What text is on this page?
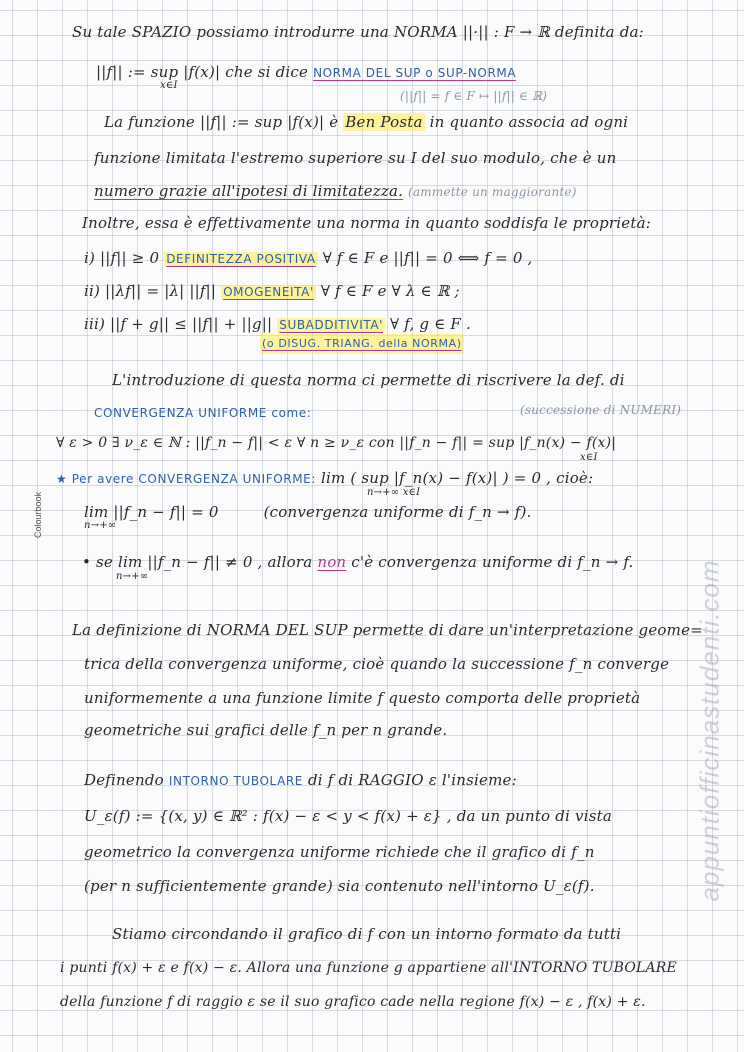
Su tale SPAZIO possiamo introdurre una NORMA ||·|| : F → ℝ definita da:
||f|| := sup |f(x)| che si dice NORMA DEL SUP o SUP-NORMA
x∈I
(||f|| = f ∈ F ↦ ||f|| ∈ ℝ)
La funzione ||f|| := sup |f(x)| è Ben Posta in quanto associa ad ogni
funzione limitata l'estremo superiore su I del suo modulo, che è un
numero grazie all'ipotesi di limitatezza. (ammette un maggiorante)
Inoltre, essa è effettivamente una norma in quanto soddisfa le proprietà:
i) ||f|| ≥ 0 DEFINITEZZA POSITIVA ∀ f ∈ F e ||f|| = 0 ⟺ f = 0 ,
ii) ||λf|| = |λ| ||f|| OMOGENEITA' ∀ f ∈ F e ∀ λ ∈ ℝ ;
iii) ||f + g|| ≤ ||f|| + ||g|| SUBADDITIVITA' ∀ f, g ∈ F .
(o DISUG. TRIANG. della NORMA)
L'introduzione di questa norma ci permette di riscrivere la def. di
CONVERGENZA UNIFORME come:	(successione di NUMERI)
∀ ε > 0 ∃ ν_ε ∈ ℕ : ||f_n − f|| < ε ∀ n ≥ ν_ε con ||f_n − f|| = sup |f_n(x) − f(x)|
x∈I
★ Per avere CONVERGENZA UNIFORME: lim ( sup |f_n(x) − f(x)| ) = 0 , cioè:
n→+∞ x∈I
lim ||f_n − f|| = 0	(convergenza uniforme di f_n → f).
n→+∞
• se lim ||f_n − f|| ≠ 0 , allora non c'è convergenza uniforme di f_n → f.
n→+∞
La definizione di NORMA DEL SUP permette di dare un'interpretazione geome=
trica della convergenza uniforme, cioè quando la successione f_n converge
uniformemente a una funzione limite f questo comporta delle proprietà
geometriche sui grafici delle f_n per n grande.
Definendo INTORNO TUBOLARE di f di RAGGIO ε l'insieme:
U_ε(f) := {(x, y) ∈ ℝ² : f(x) − ε < y < f(x) + ε} , da un punto di vista
geometrico la convergenza uniforme richiede che il grafico di f_n
(per n sufficientemente grande) sia contenuto nell'intorno U_ε(f).
Stiamo circondando il grafico di f con un intorno formato da tutti
i punti f(x) + ε e f(x) − ε. Allora una funzione g appartiene all'INTORNO TUBOLARE
della funzione f di raggio ε se il suo grafico cade nella regione f(x) − ε , f(x) + ε.
Colourbook
appuntiofficinastudenti.com
